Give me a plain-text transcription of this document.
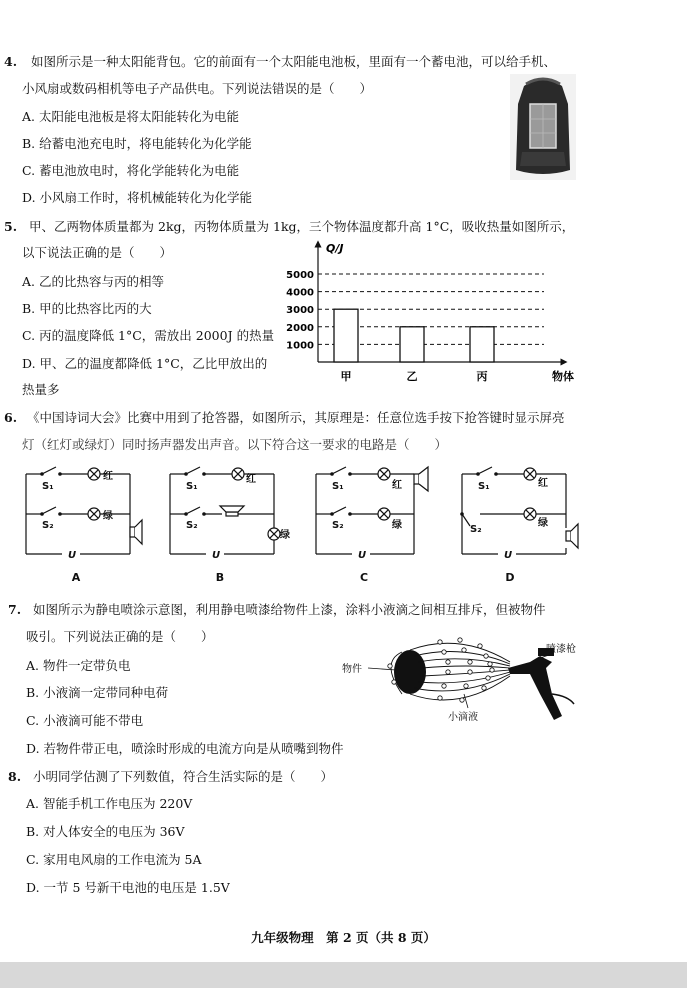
4. 如图所示是一种太阳能背包。它的前面有一个太阳能电池板，里面有一个蓄电池，可以给手机、
小风扇或数码相机等电子产品供电。下列说法错误的是（　　）
A. 太阳能电池板是将太阳能转化为电能
B. 给蓄电池充电时，将电能转化为化学能
C. 蓄电池放电时，将化学能转化为电能
D. 小风扇工作时，将机械能转化为化学能
5. 甲、乙两物体质量都为 2kg，丙物体质量为 1kg，三个物体温度都升高 1°C，吸收热量如图所示，
以下说法正确的是（　　）
A. 乙的比热容与丙的相等
B. 甲的比热容比丙的大
C. 丙的温度降低 1°C，需放出 2000J 的热量
D. 甲、乙的温度都降低 1°C，乙比甲放出的
热量多
Q/J
物体
1000
2000
3000
4000
5000
甲	乙	丙
6. 《中国诗词大会》比赛中用到了抢答器，如图所示，其原理是：任意位选手按下抢答键时显示屏亮
灯（红灯或绿灯）同时扬声器发出声音。以下符合这一要求的电路是（　　）
S₁
S₂
红
绿
U
S₁
S₂
红
绿
U
S₁
S₂
红
绿
U
S₁
S₂
红
绿
U
A	B	C	D
7. 如图所示为静电喷涂示意图，利用静电喷漆给物件上漆，涂料小液滴之间相互排斥，但被物件
吸引。下列说法正确的是（　　）
A. 物件一定带负电
B. 小液滴一定带同种电荷
C. 小液滴可能不带电
D. 若物件带正电，喷涂时形成的电流方向是从喷嘴到物件
物件
喷漆枪
小滴液
8. 小明同学估测了下列数值，符合生活实际的是（　　）
A. 智能手机工作电压为 220V
B. 对人体安全的电压为 36V
C. 家用电风扇的工作电流为 5A
D. 一节 5 号新干电池的电压是 1.5V
九年级物理　第 2 页（共 8 页）
